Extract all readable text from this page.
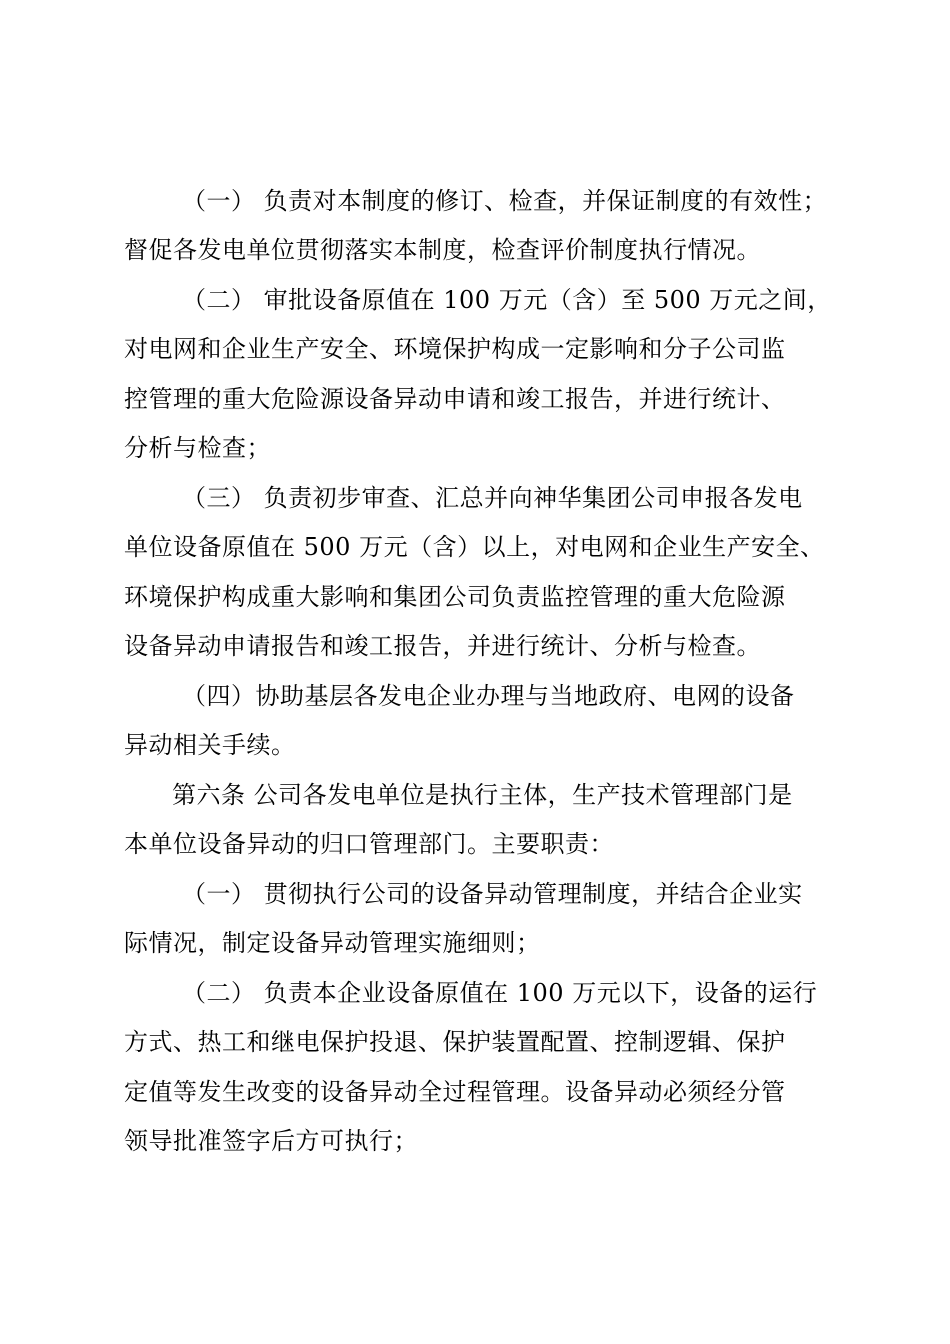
（一） 负责对本制度的修订、检查，并保证制度的有效性；
督促各发电单位贯彻落实本制度，检查评价制度执行情况。
（二） 审批设备原值在 100 万元（含）至 500 万元之间，
对电网和企业生产安全、环境保护构成一定影响和分子公司监
控管理的重大危险源设备异动申请和竣工报告，并进行统计、
分析与检查；
（三） 负责初步审查、汇总并向神华集团公司申报各发电
单位设备原值在 500 万元（含）以上，对电网和企业生产安全、
环境保护构成重大影响和集团公司负责监控管理的重大危险源
设备异动申请报告和竣工报告，并进行统计、分析与检查。
（四）协助基层各发电企业办理与当地政府、电网的设备
异动相关手续。
第六条 公司各发电单位是执行主体，生产技术管理部门是
本单位设备异动的归口管理部门。主要职责：
（一） 贯彻执行公司的设备异动管理制度，并结合企业实
际情况，制定设备异动管理实施细则；
（二） 负责本企业设备原值在 100 万元以下，设备的运行
方式、热工和继电保护投退、保护装置配置、控制逻辑、保护
定值等发生改变的设备异动全过程管理。设备异动必须经分管
领导批准签字后方可执行；
